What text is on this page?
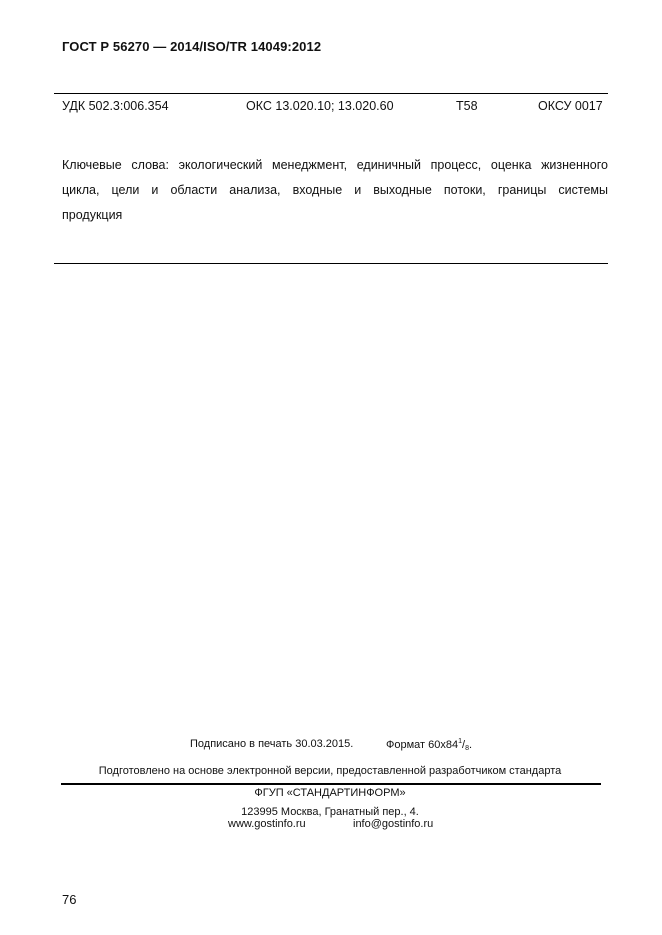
ГОСТ Р 56270 — 2014/ISO/TR 14049:2012
УДК 502.3:006.354	ОКС 13.020.10; 13.020.60	Т58	ОКСУ 0017
Ключевые слова: экологический менеджмент, единичный процесс, оценка жизненного
цикла, цели и области анализа, входные и выходные потоки, границы системы
продукция
Подписано в печать 30.03.2015.	Формат $60х84^1/_8$.
Подготовлено на основе электронной версии, предоставленной разработчиком стандарта
ФГУП «СТАНДАРТИНФОРМ»
123995 Москва, Гранатный пер., 4.
www.gostinfo.ru	info@gostinfo.ru
76
